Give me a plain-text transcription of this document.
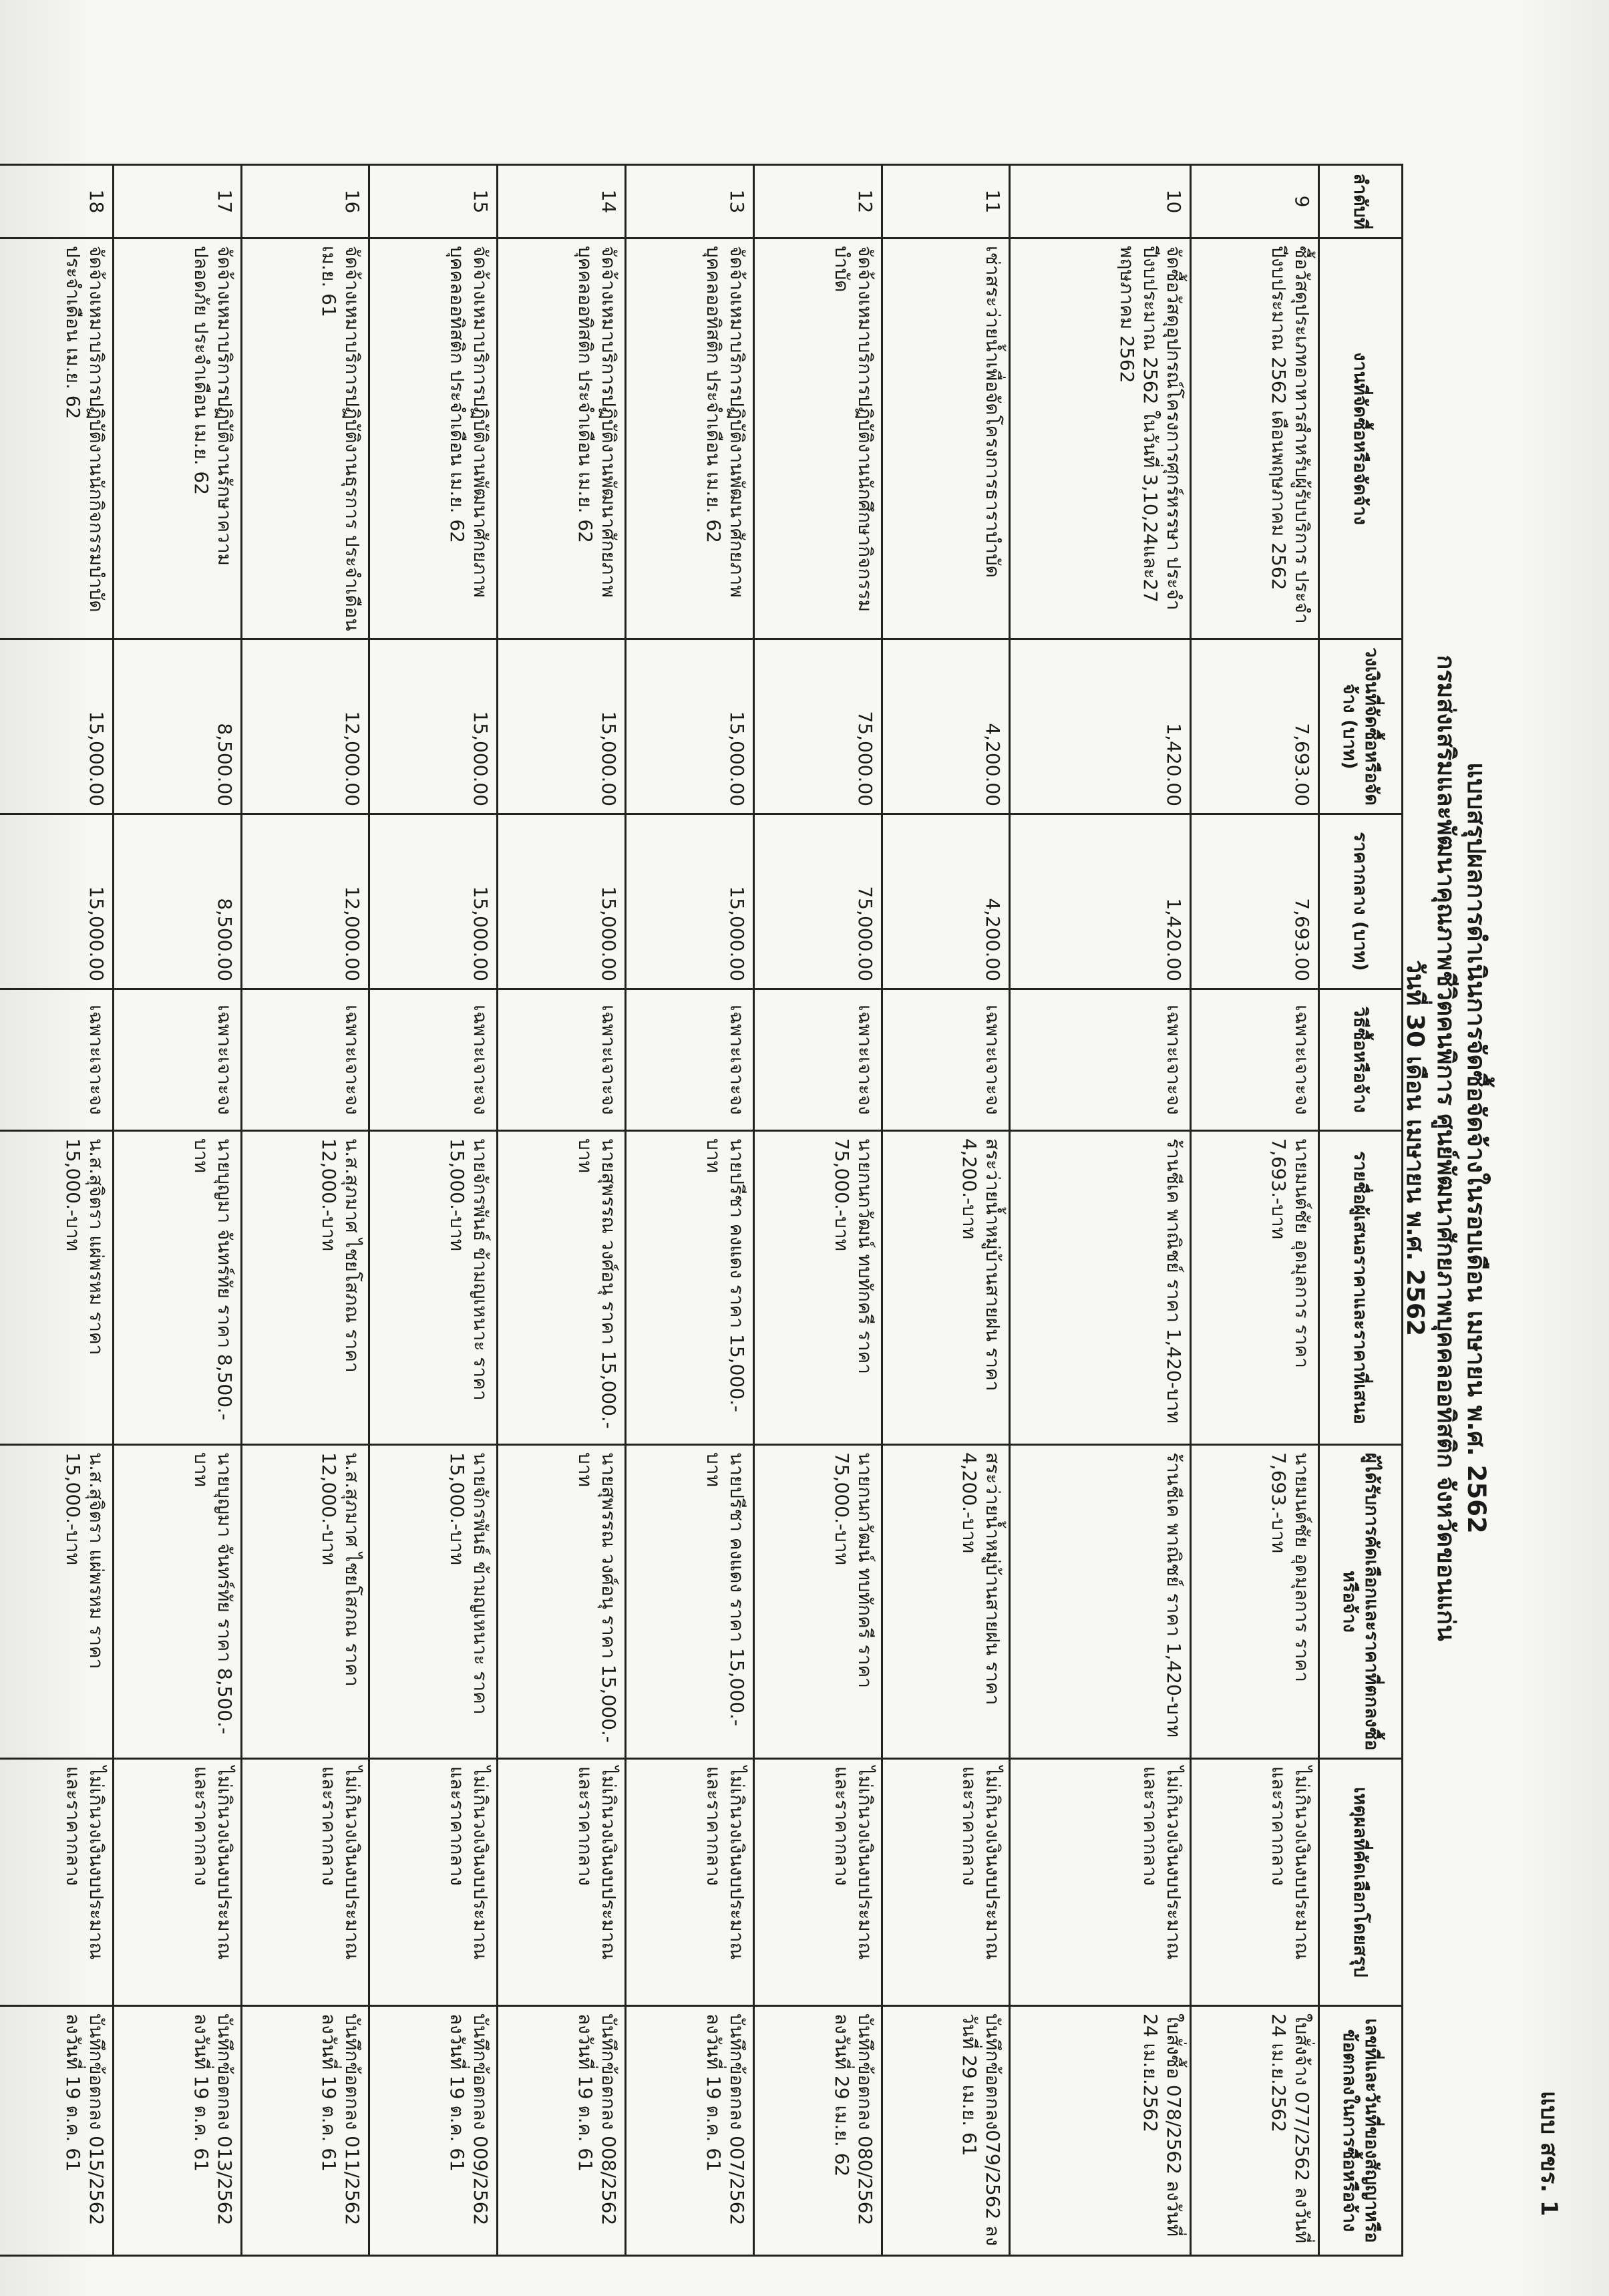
แบบ สขร. 1
แบบสรุปผลการดำเนินการจัดซื้อจัดจ้างในรอบเดือน เมษายน พ.ศ. 2562
กรมส่งเสริมและพัฒนาคุณภาพชีวิตคนพิการ ศูนย์พัฒนาศักยภาพบุคคลออทิสติก จังหวัดขอนแก่น
วันที่ 30 เดือน เมษายน พ.ศ. 2562
ลำดับที่	งานที่จัดซื้อหรือจัดจ้าง	วงเงินที่จัดซื้อหรือจัดจ้าง (บาท)	ราคากลาง (บาท)	วิธีซื้อหรือจ้าง	รายชื่อผู้เสนอราคาและราคาที่เสนอ	ผู้ได้รับการคัดเลือกและราคาที่ตกลงซื้อหรือจ้าง	เหตุผลที่คัดเลือกโดยสรุป	เลขที่และวันที่ของสัญญาหรือข้อตกลงในการซื้อหรือจ้าง
9	ซื้อวัสดุประเภทอาหารสำหรับผู้รับบริการ ประจำปีงบประมาณ 2562 เดือนพฤษภาคม 2562	7,693.00	7,693.00	เฉพาะเจาะจง	นายมนต์ชัย อุดมุลการ ราคา 7,693.-บาท	นายมนต์ชัย อุดมุลการ ราคา 7,693.-บาท	ไม่เกินวงเงินงบประมาณ และราคากลาง	ใบสั่งจ้าง 077/2562 ลงวันที่ 24 เม.ย.2562
10	จัดซื้อวัสดุอุปกรณ์โครงการศุกร์หรรษา ประจำปีงบประมาณ 2562 ในวันที่ 3,10,24และ27 พฤษภาคม 2562	1,420.00	1,420.00	เฉพาะเจาะจง	ร้านชีเค พาณิชย์ ราคา 1,420-บาท	ร้านชีเค พาณิชย์ ราคา 1,420-บาท	ไม่เกินวงเงินงบประมาณ และราคากลาง	ใบสั่งซื้อ 078/2562 ลงวันที่ 24 เม.ย.2562
11	เช่าสระว่ายน้ำเพื่อจัดโครงการธาราบำบัด	4,200.00	4,200.00	เฉพาะเจาะจง	สระว่ายน้ำหมู่บ้านสายฝน ราคา 4,200.-บาท	สระว่ายน้ำหมู่บ้านสายฝน ราคา 4,200.-บาท	ไม่เกินวงเงินงบประมาณ และราคากลาง	บันทึกข้อตกลง079/2562 ลงวันที่ 29 เม.ย. 61
12	จัดจ้างเหมาบริการปฏิบัติงานนักศึกษากิจกรรมบำบัด	75,000.00	75,000.00	เฉพาะเจาะจง	นายกนกวัฒน์ ทบทักครี ราคา 75,000.-บาท	นายกนกวัฒน์ ทบทักครี ราคา 75,000.-บาท	ไม่เกินวงเงินงบประมาณ และราคากลาง	บันทึกข้อตกลง 080/2562 ลงวันที่ 29 เม.ย. 62
13	จัดจ้างเหมาบริการปฏิบัติงานพัฒนาศักยภาพบุคคลออทิสติก ประจำเดือน เม.ย. 62	15,000.00	15,000.00	เฉพาะเจาะจง	นายปรีชา คงแดง ราคา 15,000.-บาท	นายปรีชา คงแดง ราคา 15,000.-บาท	ไม่เกินวงเงินงบประมาณ และราคากลาง	บันทึกข้อตกลง 007/2562 ลงวันที่ 19 ต.ค. 61
14	จัดจ้างเหมาบริการปฏิบัติงานพัฒนาศักยภาพบุคคลออทิสติก ประจำเดือน เม.ย. 62	15,000.00	15,000.00	เฉพาะเจาะจง	นายสุพรรณ วงศ์อนุ ราคา 15,000.-บาท	นายสุพรรณ วงศ์อนุ ราคา 15,000.-บาท	ไม่เกินวงเงินงบประมาณ และราคากลาง	บันทึกข้อตกลง 008/2562 ลงวันที่ 19 ต.ค. 61
15	จัดจ้างเหมาบริการปฏิบัติงานพัฒนาศักยภาพบุคคลออทิสติก ประจำเดือน เม.ย. 62	15,000.00	15,000.00	เฉพาะเจาะจง	นายจักรพันธ์ ข้ามญเหนาะ ราคา 15,000.-บาท	นายจักรพันธ์ ข้ามญเหนาะ ราคา 15,000.-บาท	ไม่เกินวงเงินงบประมาณ และราคากลาง	บันทึกข้อตกลง 009/2562 ลงวันที่ 19 ต.ค. 61
16	จัดจ้างเหมาบริการปฏิบัติงานธุรการ ประจำเดือน เม.ย. 61	12,000.00	12,000.00	เฉพาะเจาะจง	น.ส.สุภมาศ ไชยโสภณ ราคา 12,000.-บาท	น.ส.สุภมาศ ไชยโสภณ ราคา 12,000.-บาท	ไม่เกินวงเงินงบประมาณ และราคากลาง	บันทึกข้อตกลง 011/2562 ลงวันที่ 19 ต.ค. 61
17	จัดจ้างเหมาบริการปฏิบัติงานรักษาความปลอดภัย ประจำเดือน เม.ย. 62	8,500.00	8,500.00	เฉพาะเจาะจง	นายบุญมา จันทร์ทัย ราคา 8,500.-บาท	นายบุญมา จันทร์ทัย ราคา 8,500.-บาท	ไม่เกินวงเงินงบประมาณ และราคากลาง	บันทึกข้อตกลง 013/2562 ลงวันที่ 19 ต.ค. 61
18	จัดจ้างเหมาบริการปฏิบัติงานนักกิจกรรมบำบัด ประจำเดือน เม.ย. 62	15,000.00	15,000.00	เฉพาะเจาะจง	น.ส.สุจิตรา แผ่พรหม ราคา 15,000.-บาท	น.ส.สุจิตรา แผ่พรหม ราคา 15,000.-บาท	ไม่เกินวงเงินงบประมาณ และราคากลาง	บันทึกข้อตกลง 015/2562 ลงวันที่ 19 ต.ค. 61
